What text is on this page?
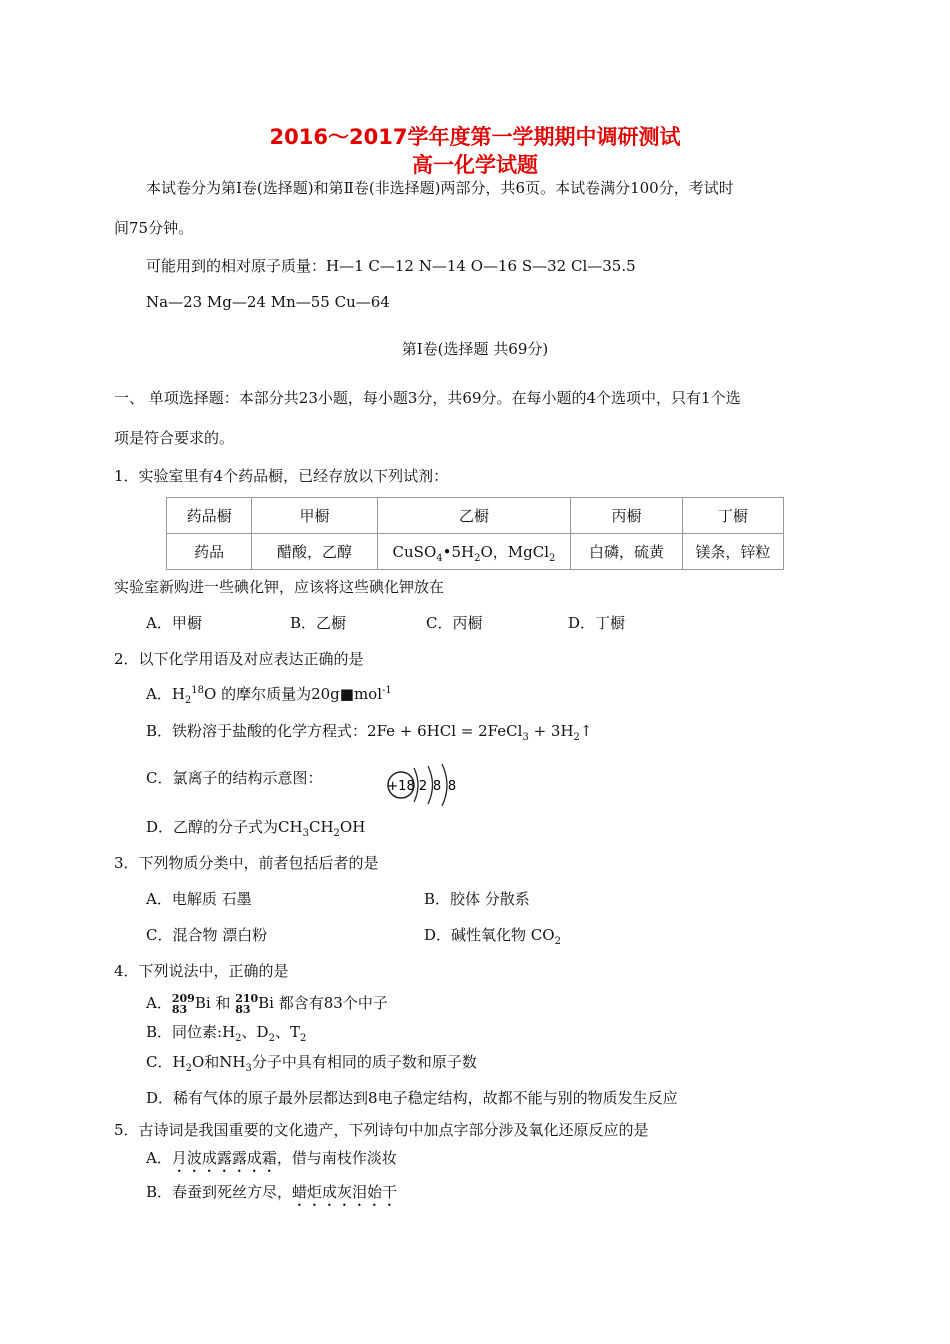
2016～2017学年度第一学期期中调研测试
高一化学试题
本试卷分为第Ⅰ卷(选择题)和第Ⅱ卷(非选择题)两部分，共6页。本试卷满分100分，考试时
间75分钟。
可能用到的相对原子质量：H—1 C—12 N—14 O—16 S—32 Cl—35.5
Na—23 Mg—24 Mn—55 Cu—64
第Ⅰ卷(选择题 共69分)
一、 单项选择题：本部分共23小题，每小题3分，共69分。在每小题的4个选项中，只有1个选
项是符合要求的。
1．实验室里有4个药品橱，已经存放以下列试剂：
药品橱	甲橱	乙橱	丙橱	丁橱
药品	醋酸，乙醇	$CuSO_4•5H_2O$，MgCl$_2$	白磷，硫黄	镁条，锌粒
实验室新购进一些碘化钾，应该将这些碘化钾放在
A．甲橱	B．乙橱	C．丙橱	D．丁橱
2．以下化学用语及对应表达正确的是
A．$H_2^{18}O$ 的摩尔质量为20g■mol$^{-1}$
B．铁粉溶于盐酸的化学方程式：2Fe + 6HCl = 2FeCl$_3$ + $3H_2↑$
C．氯离子的结构示意图：	+18 2 8 8
D．乙醇的分子式为$CH_3CH_2OH$
3．下列物质分类中，前者包括后者的是
A．电解质 石墨	B．胶体 分散系
C．混合物 漂白粉	D．碱性氧化物 $CO_2$
4．下列说法中，正确的是
A． 209
83 Bi 和 210
83 Bi 都含有83个中子
B．同位素$:H_2$、$D_2$、$T_2$
C．$H_2O$和$NH_3$分子中具有相同的质子数和原子数
D．稀有气体的原子最外层都达到8电子稳定结构，故都不能与别的物质发生反应
5．古诗词是我国重要的文化遗产，下列诗句中加点字部分涉及氧化还原反应的是
A．月波成露露成霜，借与南枝作淡妆
B．春蚕到死丝方尽，蜡炬成灰泪始干
